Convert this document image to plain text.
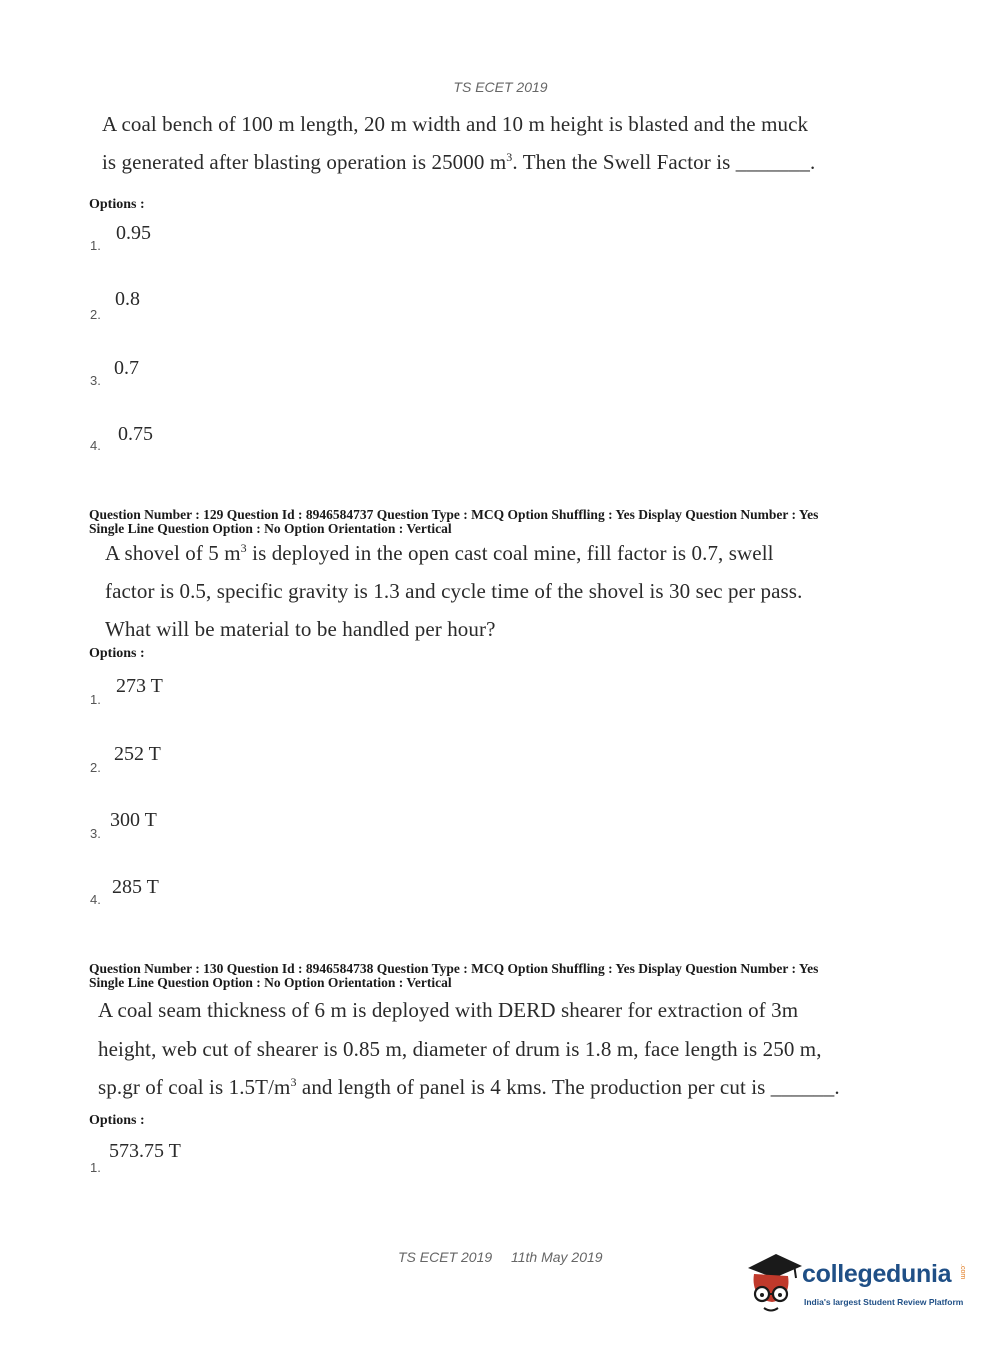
TS ECET 2019
A coal bench of 100 m length, 20 m width and 10 m height is blasted and the muck
is generated after blasting operation is 25000 $m^3$. Then the Swell Factor is _______.
Options :
1.
0.95
2.
0.8
3.
0.7
4.
0.75
Question Number : 129 Question Id : 8946584737 Question Type : MCQ Option Shuffling : Yes Display Question Number : Yes
Single Line Question Option : No Option Orientation : Vertical
A shovel of 5 $m^3$ is deployed in the open cast coal mine, fill factor is 0.7, swell
factor is 0.5, specific gravity is 1.3 and cycle time of the shovel is 30 sec per pass.
What will be material to be handled per hour?
Options :
1.
273 T
2.
252 T
3.
300 T
4.
285 T
Question Number : 130 Question Id : 8946584738 Question Type : MCQ Option Shuffling : Yes Display Question Number : Yes
Single Line Question Option : No Option Orientation : Vertical
A coal seam thickness of 6 m is deployed with DERD shearer for extraction of 3m
height, web cut of shearer is 0.85 m, diameter of drum is 1.8 m, face length is 250 m,
sp.gr of coal is $1.5T/m^3$ and length of panel is 4 kms. The production per cut is ______.
Options :
1.
573.75 T
TS ECET 2019 11th May 2019
collegedunia .com
India's largest Student Review Platform
